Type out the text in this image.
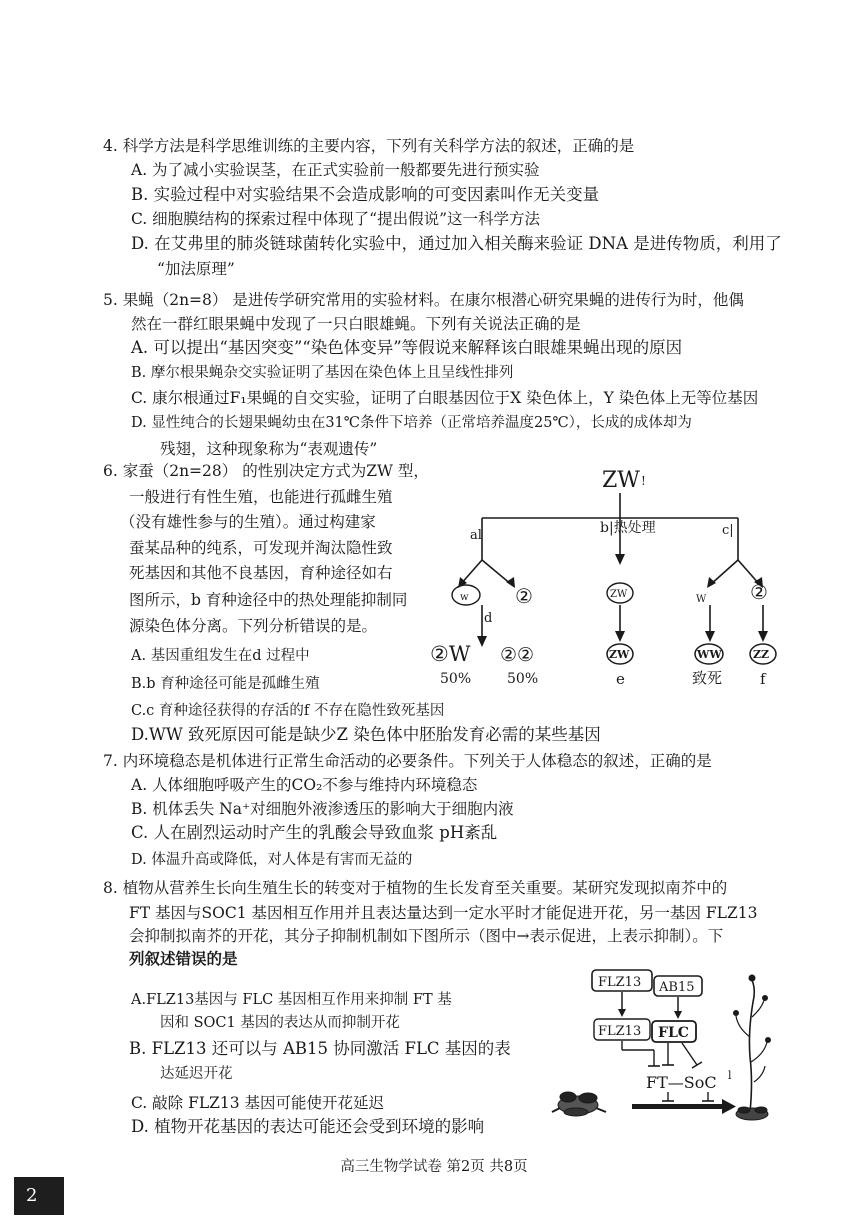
4. 科学方法是科学思维训练的主要内容，下列有关科学方法的叙述，正确的是
A. 为了减小实验误茎，在正式实验前一般都要先进行预实验
B. 实验过程中对实验结果不会造成影响的可变因素叫作无关变量
C. 细胞膜结构的探索过程中体现了“提出假说”这一科学方法
D. 在艾弗里的肺炎链球菌转化实验中，通过加入相关酶来验证 DNA 是进传物质，利用了
“加法原理”
5. 果蝇（2n=8） 是进传学研究常用的实验材料。在康尔根潜心研究果蝇的进传行为时，他偶
然在一群红眼果蝇中发现了一只白眼雄蝇。下列有关说法正确的是
A. 可以提出“基因突变”“染色体变异”等假说来解释该白眼雄果蝇出现的原因
B. 摩尔根果蝇杂交实验证明了基因在染色体上且呈线性排列
C. 康尔根通过F₁果蝇的自交实验，证明了白眼基因位于X 染色体上，Y 染色体上无等位基因
D. 显性纯合的长翅果蝇幼虫在31℃条件下培养（正常培养温度25℃），长成的成体却为
残翅，这种现象称为“表观遗传”
6. 家蚕（2n=28） 的性别决定方式为ZW 型，
一般进行有性生殖，也能进行孤雌生殖
（没有雄性参与的生殖）。通过构建家
蚕某品种的纯系，可发现并淘汰隐性致
死基因和其他不良基因，育种途径如右
图所示，b 育种途径中的热处理能抑制同
源染色体分离。下列分析错误的是。
A. 基因重组发生在d 过程中
B.b 育种途径可能是孤雌生殖
C.c 育种途径获得的存活的f 不存在隐性致死基因
D.WW 致死原因可能是缺少Z 染色体中胚胎发育必需的某些基因
ZW !
al	b|热处理	c|
w ②	ZW	W ②
d
②W ②②	ZW	WW	ZZ
50%	50%	e	致死	f
7. 内环境稳态是机体进行正常生命活动的必要条件。下列关于人体稳态的叙述，正确的是
A. 人体细胞呼吸产生的CO₂不参与维持内环境稳态
B. 机体丢失 Na⁺对细胞外液渗透压的影响大于细胞内液
C. 人在剧烈运动时产生的乳酸会导致血浆 pH紊乱
D. 体温升高或降低，对人体是有害而无益的
8. 植物从营养生长向生殖生长的转变对于植物的生长发育至关重要。某研究发现拟南芥中的
FT 基因与SOC1 基因相互作用并且表达量达到一定水平时才能促进开花，另一基因 FLZ13
会抑制拟南芥的开花，其分子抑制机制如下图所示（图中→表示促进，上表示抑制）。下
列叙述错误的是
A.FLZ13基因与 FLC 基因相互作用来抑制 FT 基
因和 SOC1 基因的表达从而抑制开花
B. FLZ13 还可以与 AB15 协同激活 FLC 基因的表
达延迟开花
C. 敲除 FLZ13 基因可能使开花延迟
D. 植物开花基因的表达可能还会受到环境的影响
FLZ13 AB15
FLZ13 FLC
FT—SoC l
高三生物学试卷 第2页 共8页
2
